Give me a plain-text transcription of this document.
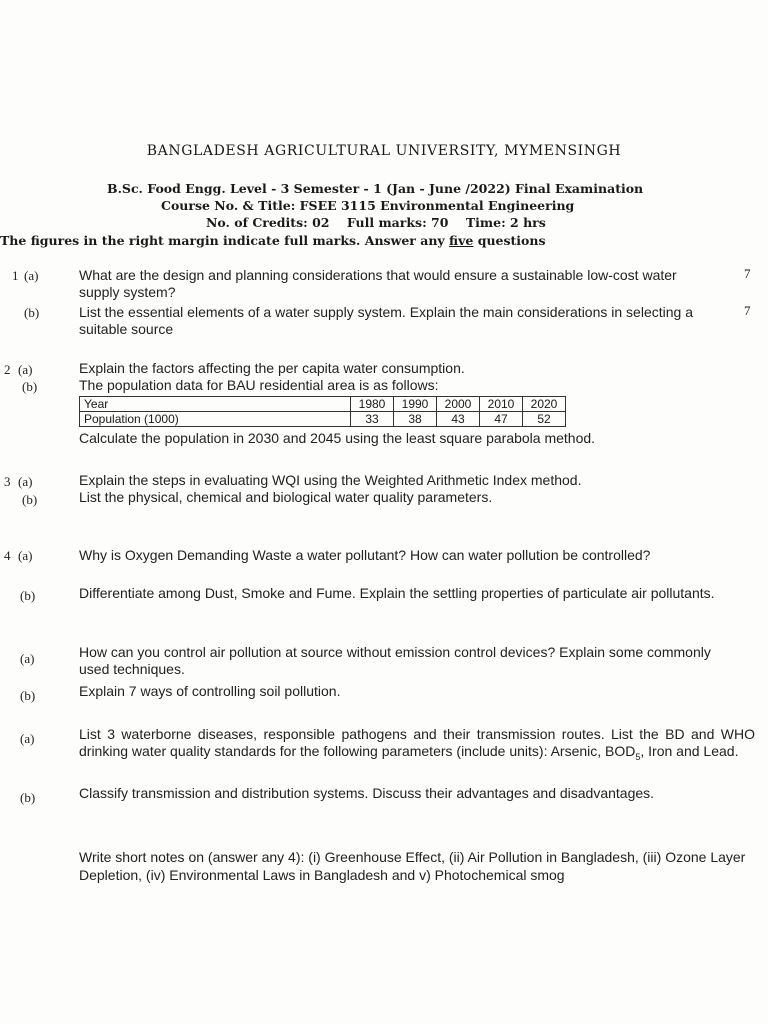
BANGLADESH AGRICULTURAL UNIVERSITY, MYMENSINGH
B.Sc. Food Engg. Level - 3 Semester - 1 (Jan - June /2022) Final Examination
Course No. & Title: FSEE 3115 Environmental Engineering
No. of Credits: 02    Full marks: 70    Time: 2 hrs
The figures in the right margin indicate full marks. Answer any five questions
1 (a)	What are the design and planning considerations that would ensure a sustainable low-cost water supply system?
7
(b)	List the essential elements of a water supply system. Explain the main considerations in selecting a suitable source
7
2 (a)	Explain the factors affecting the per capita water consumption.
(b)	The population data for BAU residential area is as follows:
Year	1980	1990	2000	2010	2020
Population (1000)	33	38	43	47	52
Calculate the population in 2030 and 2045 using the least square parabola method.
3 (a)	Explain the steps in evaluating WQI using the Weighted Arithmetic Index method.
(b)	List the physical, chemical and biological water quality parameters.
4 (a)	Why is Oxygen Demanding Waste a water pollutant? How can water pollution be controlled?
(b)	Differentiate among Dust, Smoke and Fume. Explain the settling properties of particulate air pollutants.
(a)	How can you control air pollution at source without emission control devices? Explain some commonly used techniques.
(b)	Explain 7 ways of controlling soil pollution.
(a)	List 3 waterborne diseases, responsible pathogens and their transmission routes. List the BD and WHO drinking water quality standards for the following parameters (include units): Arsenic, $BOD_5$, Iron and Lead.
(b)	Classify transmission and distribution systems. Discuss their advantages and disadvantages.
Write short notes on (answer any 4): (i) Greenhouse Effect, (ii) Air Pollution in Bangladesh, (iii) Ozone Layer Depletion, (iv) Environmental Laws in Bangladesh and v) Photochemical smog
